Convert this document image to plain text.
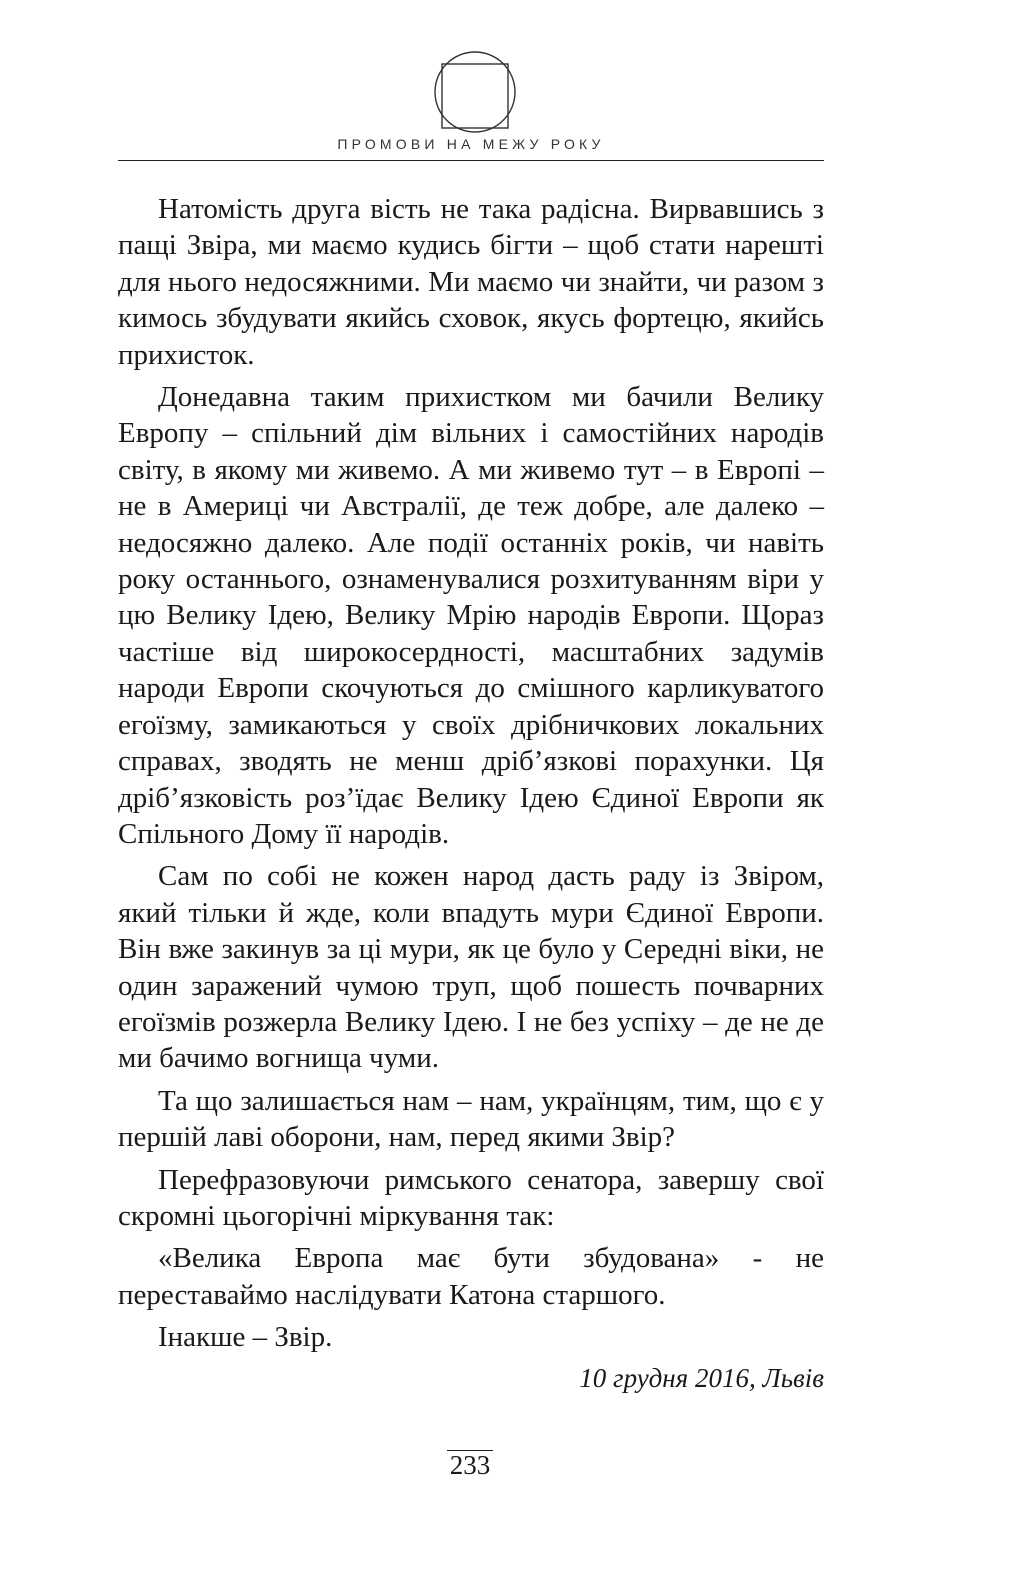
ПРОМОВИ НА МЕЖУ РОКУ

Натомість друга вість не така радісна. Вирвавшись з пащі Звіра, ми маємо кудись бігти – щоб стати нарешті для нього недосяжними. Ми маємо чи знайти, чи разом з кимось збудувати якийсь сховок, якусь фортецю, якийсь прихисток.

Донедавна таким прихистком ми бачили Велику Европу – спільний дім вільних і самостійних народів світу, в якому ми живемо. А ми живемо тут – в Европі – не в Америці чи Австралії, де теж добре, але далеко – недосяжно далеко. Але події останніх років, чи навіть року останнього, ознаменувалися розхитуванням віри у цю Велику Ідею, Велику Мрію народів Европи. Щораз частіше від широкосердності, масштабних задумів народи Европи скочуються до смішного карликуватого егоїзму, замикаються у своїх дрібничкових локальних справах, зводять не менш дріб’язкові порахунки. Ця дріб’язковість роз’їдає Велику Ідею Єдиної Европи як Спільного Дому її народів.

Сам по собі не кожен народ дасть раду із Звіром, який тільки й жде, коли впадуть мури Єдиної Европи. Він вже закинув за ці мури, як це було у Середні віки, не один заражений чумою труп, щоб пошесть почварних егоїзмів розжерла Велику Ідею. І не без успіху – де не де ми бачимо вогнища чуми.

Та що залишається нам – нам, українцям, тим, що є у першій лаві оборони, нам, перед якими Звір?

Перефразовуючи римського сенатора, завершу свої скромні цьогорічні міркування так:

«Велика Европа має бути збудована» - не переставаймо наслідувати Катона старшого.

Інакше – Звір.

10 грудня 2016, Львів
233
